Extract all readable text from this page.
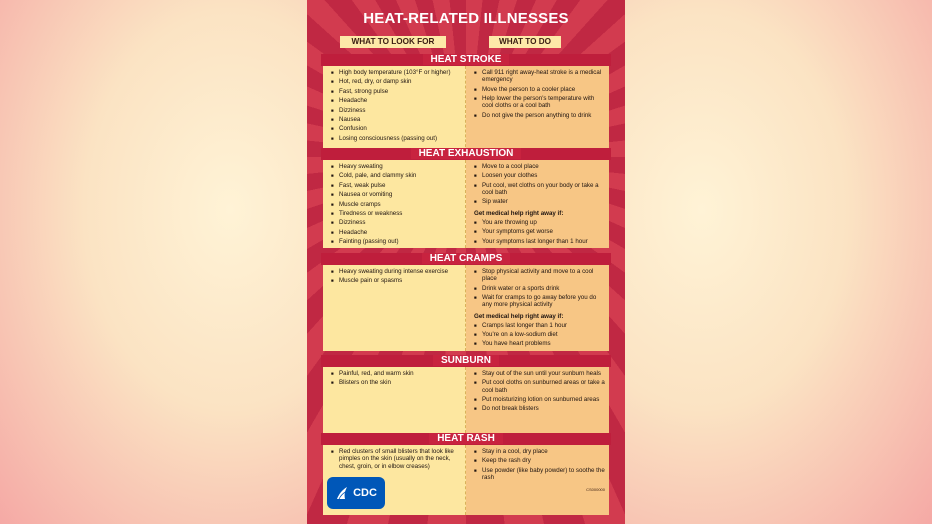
HEAT-RELATED ILLNESSES
WHAT TO LOOK FOR	WHAT TO DO
HEAT STROKE
■ High body temperature (103°F or higher)
■ Hot, red, dry, or damp skin
■ Fast, strong pulse
■ Headache
■ Dizziness
■ Nausea
■ Confusion
■ Losing consciousness (passing out)
■ Call 911 right away-heat stroke is a medical emergency
■ Move the person to a cooler place
■ Help lower the person's temperature with cool cloths or a cool bath
■ Do not give the person anything to drink
HEAT EXHAUSTION
■ Heavy sweating
■ Cold, pale, and clammy skin
■ Fast, weak pulse
■ Nausea or vomiting
■ Muscle cramps
■ Tiredness or weakness
■ Dizziness
■ Headache
■ Fainting (passing out)
■ Move to a cool place
■ Loosen your clothes
■ Put cool, wet cloths on your body or take a cool bath
■ Sip water
Get medical help right away if:
■ You are throwing up
■ Your symptoms get worse
■ Your symptoms last longer than 1 hour
HEAT CRAMPS
■ Heavy sweating during intense exercise
■ Muscle pain or spasms
■ Stop physical activity and move to a cool place
■ Drink water or a sports drink
■ Wait for cramps to go away before you do any more physical activity
Get medical help right away if:
■ Cramps last longer than 1 hour
■ You're on a low-sodium diet
■ You have heart problems
SUNBURN
■ Painful, red, and warm skin
■ Blisters on the skin
■ Stay out of the sun until your sunburn heals
■ Put cool cloths on sunburned areas or take a cool bath
■ Put moisturizing lotion on sunburned areas
■ Do not break blisters
HEAT RASH
■ Red clusters of small blisters that look like pimples on the skin (usually on the neck, chest, groin, or in elbow creases)
■ Stay in a cool, dry place
■ Keep the rash dry
■ Use powder (like baby powder) to soothe the rash
CDC	CS000000
